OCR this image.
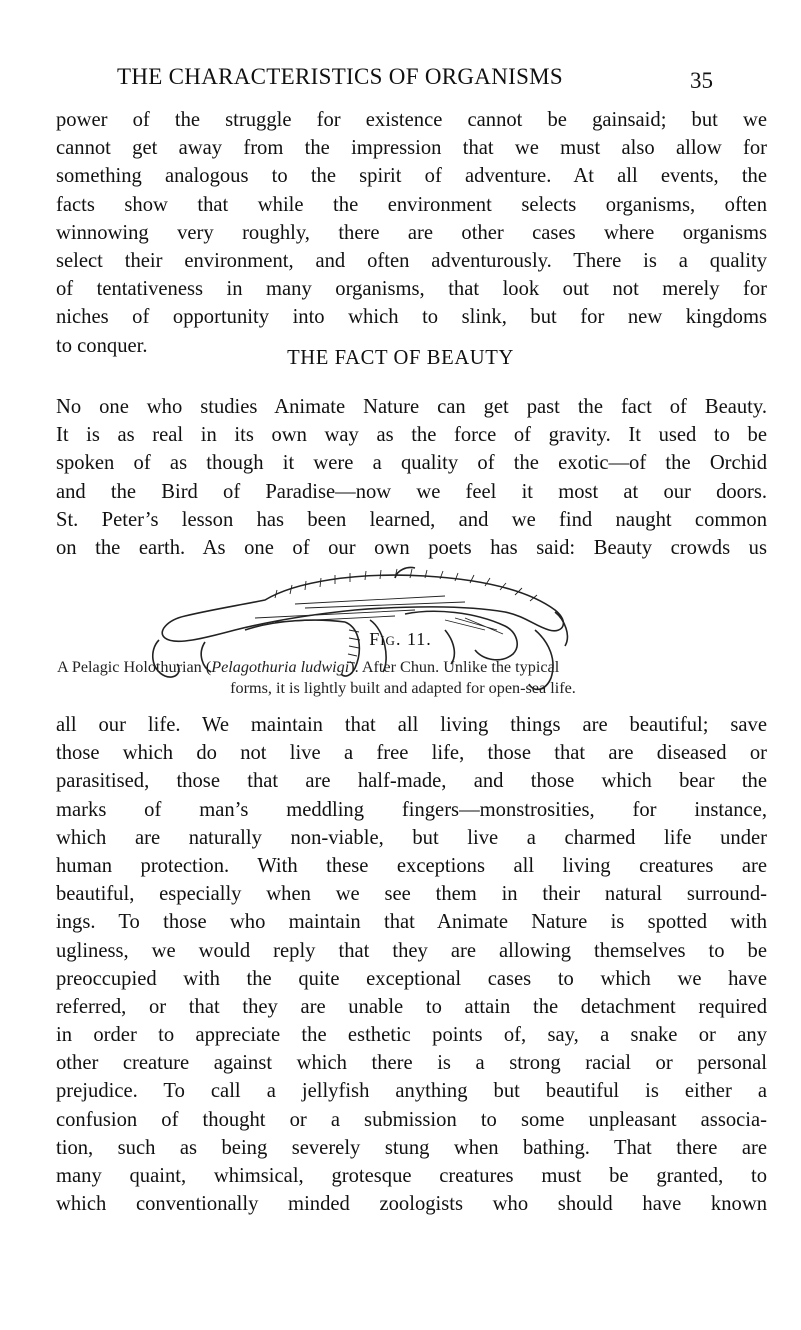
THE CHARACTERISTICS OF ORGANISMS	35
power of the struggle for existence cannot be gainsaid; but we
cannot get away from the impression that we must also allow for
something analogous to the spirit of adventure. At all events, the
facts show that while the environment selects organisms, often
winnowing very roughly, there are other cases where organisms
select their environment, and often adventurously. There is a quality
of tentativeness in many organisms, that look out not merely for
niches of opportunity into which to slink, but for new kingdoms
to conquer.
THE FACT OF BEAUTY
No one who studies Animate Nature can get past the fact of Beauty.
It is as real in its own way as the force of gravity. It used to be
spoken of as though it were a quality of the exotic—of the Orchid
and the Bird of Paradise—now we feel it most at our doors.
St. Peter’s lesson has been learned, and we find naught common
on the earth. As one of our own poets has said: Beauty crowds us
Fig. 11.
A Pelagic Holothurian (Pelagothuria ludwigi). After Chun. Unlike the typical
forms, it is lightly built and adapted for open-sea life.
all our life. We maintain that all living things are beautiful; save
those which do not live a free life, those that are diseased or
parasitised, those that are half-made, and those which bear the
marks of man’s meddling fingers—monstrosities, for instance,
which are naturally non-viable, but live a charmed life under
human protection. With these exceptions all living creatures are
beautiful, especially when we see them in their natural surround-
ings. To those who maintain that Animate Nature is spotted with
ugliness, we would reply that they are allowing themselves to be
preoccupied with the quite exceptional cases to which we have
referred, or that they are unable to attain the detachment required
in order to appreciate the esthetic points of, say, a snake or any
other creature against which there is a strong racial or personal
prejudice. To call a jellyfish anything but beautiful is either a
confusion of thought or a submission to some unpleasant associa-
tion, such as being severely stung when bathing. That there are
many quaint, whimsical, grotesque creatures must be granted, to
which conventionally minded zoologists who should have known
